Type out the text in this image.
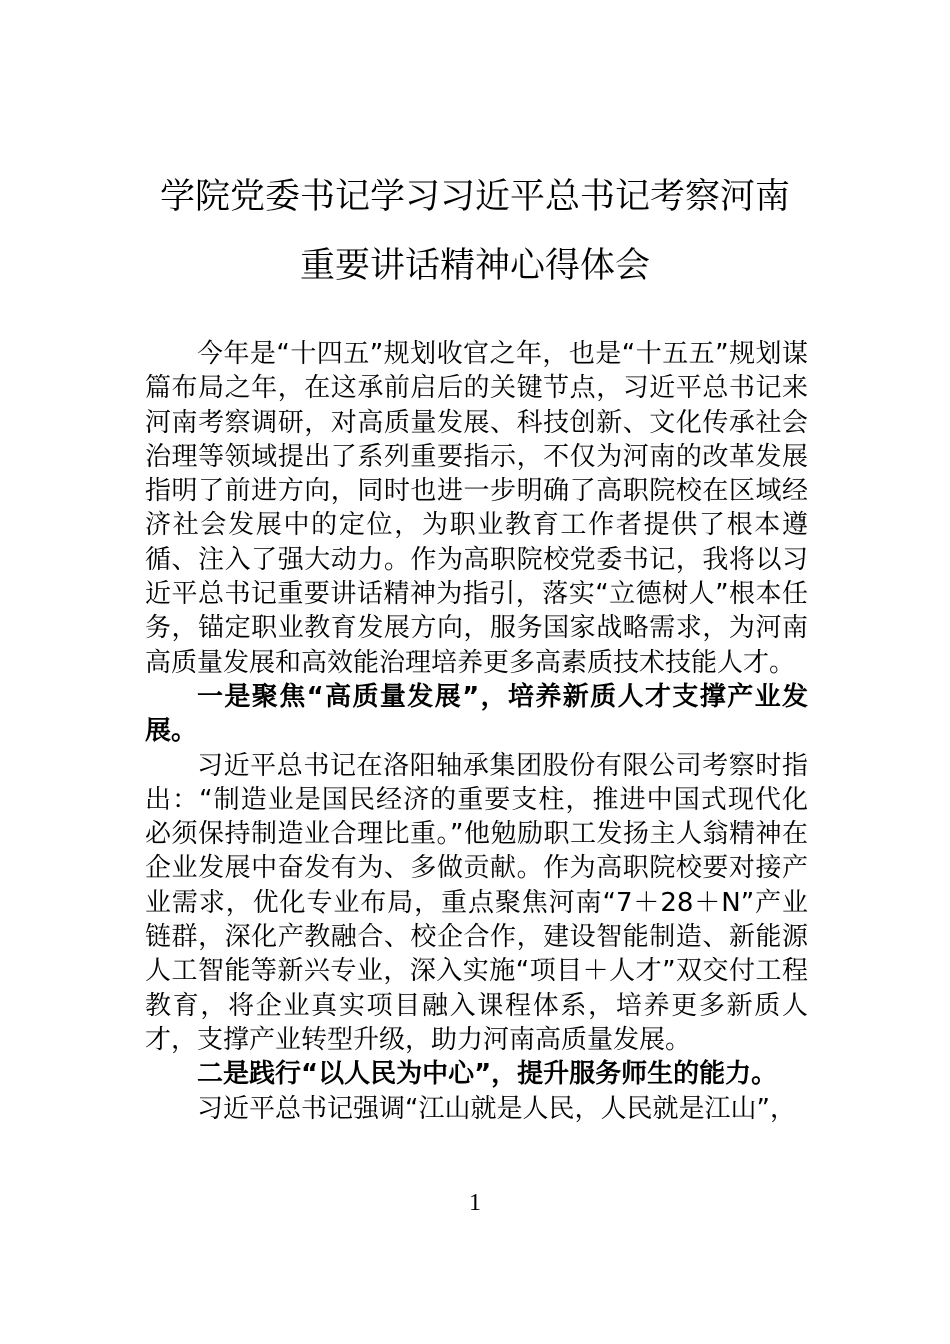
学院党委书记学习习近平总书记考察河南
重要讲话精神心得体会

今年是“十四五”规划收官之年，也是“十五五”规划谋篇布局之年，在这承前启后的关键节点，习近平总书记来河南考察调研，对高质量发展、科技创新、文化传承社会治理等领域提出了系列重要指示，不仅为河南的改革发展指明了前进方向，同时也进一步明确了高职院校在区域经济社会发展中的定位，为职业教育工作者提供了根本遵循、注入了强大动力。作为高职院校党委书记，我将以习近平总书记重要讲话精神为指引，落实“立德树人”根本任务，锚定职业教育发展方向，服务国家战略需求，为河南高质量发展和高效能治理培养更多高素质技术技能人才。

一是聚焦“高质量发展”，培养新质人才支撑产业发展。

习近平总书记在洛阳轴承集团股份有限公司考察时指出：“制造业是国民经济的重要支柱，推进中国式现代化必须保持制造业合理比重。”他勉励职工发扬主人翁精神在企业发展中奋发有为、多做贡献。作为高职院校要对接产业需求，优化专业布局，重点聚焦河南“7＋28＋N”产业链群，深化产教融合、校企合作，建设智能制造、新能源人工智能等新兴专业，深入实施“项目＋人才”双交付工程教育，将企业真实项目融入课程体系，培养更多新质人才，支撑产业转型升级，助力河南高质量发展。

二是践行“以人民为中心”，提升服务师生的能力。

习近平总书记强调“江山就是人民，人民就是江山”，

1
